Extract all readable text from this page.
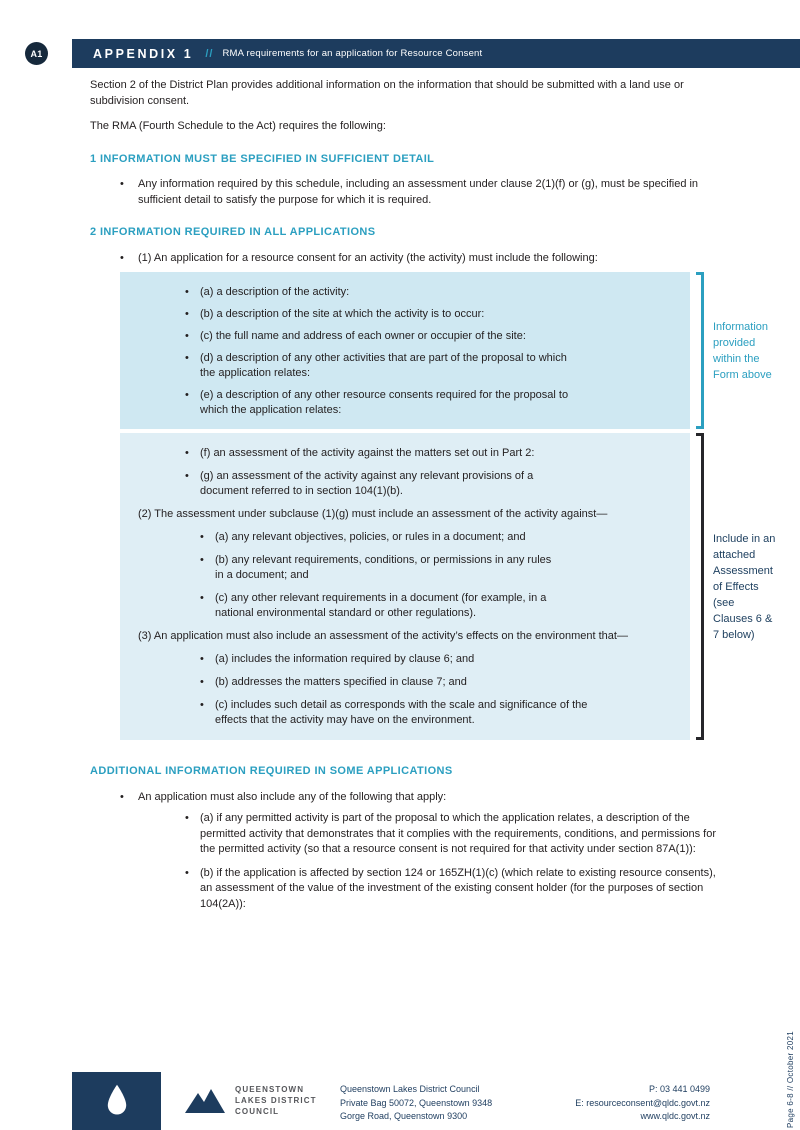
A1	APPENDIX 1 // RMA requirements for an application for Resource Consent

Section 2 of the District Plan provides additional information on the information that should be submitted with a land use or subdivision consent.

The RMA (Fourth Schedule to the Act) requires the following:

1 INFORMATION MUST BE SPECIFIED IN SUFFICIENT DETAIL
•	Any information required by this schedule, including an assessment under clause 2(1)(f) or (g), must be specified in sufficient detail to satisfy the purpose for which it is required.
2 INFORMATION REQUIRED IN ALL APPLICATIONS
•	(1) An application for a resource consent for an activity (the activity) must include the following:
•	(a) a description of the activity:
•	(b) a description of the site at which the activity is to occur:
•	(c) the full name and address of each owner or occupier of the site:
•	(d) a description of any other activities that are part of the proposal to which the application relates:
•	(e) a description of any other resource consents required for the proposal to which the application relates:
Information provided within the Form above
•	(f) an assessment of the activity against the matters set out in Part 2:
•	(g) an assessment of the activity against any relevant provisions of a document referred to in section 104(1)(b).

(2) The assessment under subclause (1)(g) must include an assessment of the activity against—

•	(a) any relevant objectives, policies, or rules in a document; and
•	(b) any relevant requirements, conditions, or permissions in any rules in a document; and
•	(c) any other relevant requirements in a document (for example, in a national environmental standard or other regulations).

(3) An application must also include an assessment of the activity’s effects on the environment that—

•	(a) includes the information required by clause 6; and
•	(b) addresses the matters specified in clause 7; and
•	(c) includes such detail as corresponds with the scale and significance of the effects that the activity may have on the environment.
Include in an attached Assessment of Effects (see Clauses 6 & 7 below)
ADDITIONAL INFORMATION REQUIRED IN SOME APPLICATIONS
•	An application must also include any of the following that apply:
•	(a) if any permitted activity is part of the proposal to which the application relates, a description of the permitted activity that demonstrates that it complies with the requirements, conditions, and permissions for the permitted activity (so that a resource consent is not required for that activity under section 87A(1)):
•	(b) if the application is affected by section 124 or 165ZH(1)(c) (which relate to existing resource consents), an assessment of the value of the investment of the existing consent holder (for the purposes of section 104(2A)):
QUEENSTOWN
LAKES DISTRICT
COUNCIL
Queenstown Lakes District Council
Private Bag 50072, Queenstown 9348
Gorge Road, Queenstown 9300
P: 03 441 0499
E: resourceconsent@qldc.govt.nz
www.qldc.govt.nz	Page 6-8 // October 2021
